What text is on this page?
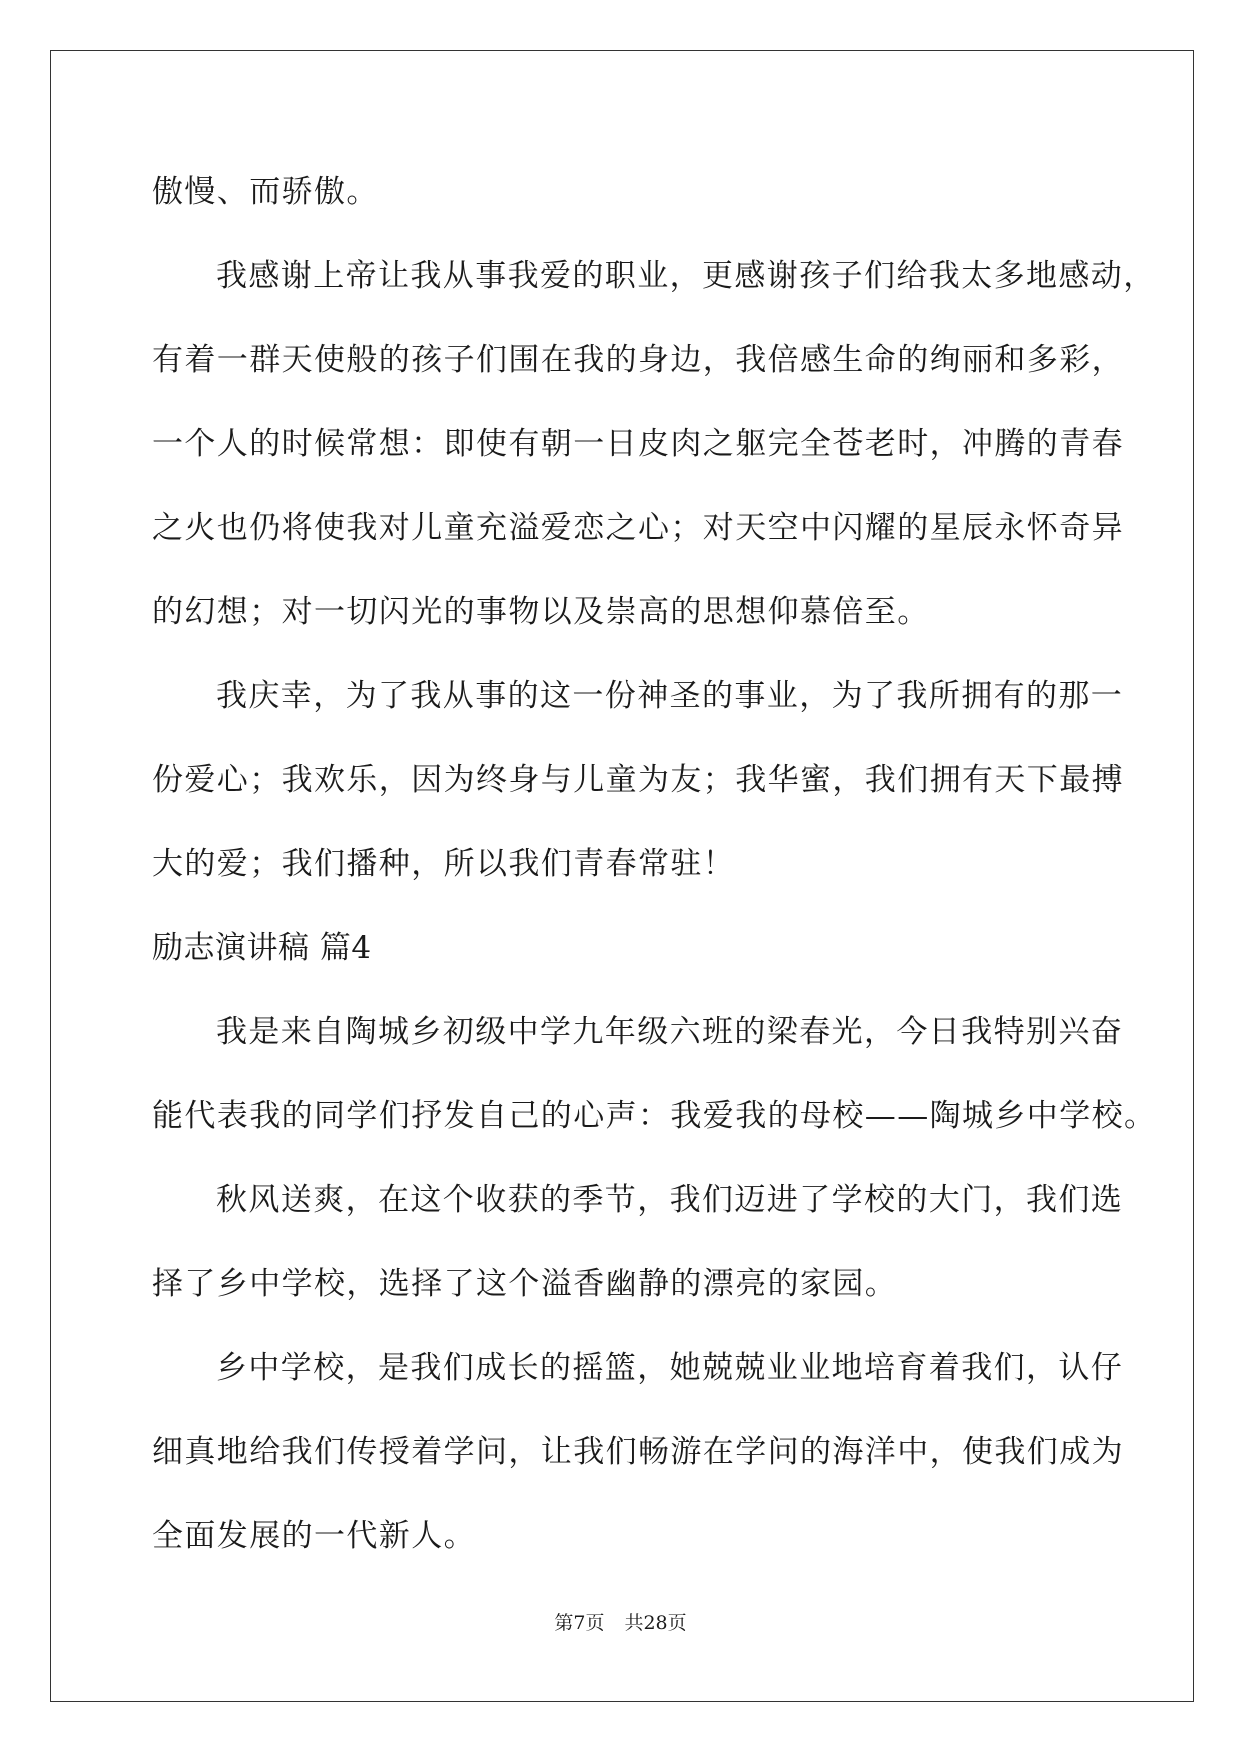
傲慢、而骄傲。
我感谢上帝让我从事我爱的职业，更感谢孩子们给我太多地感动，
有着一群天使般的孩子们围在我的身边，我倍感生命的绚丽和多彩，
一个人的时候常想：即使有朝一日皮肉之躯完全苍老时，冲腾的青春
之火也仍将使我对儿童充溢爱恋之心；对天空中闪耀的星辰永怀奇异
的幻想；对一切闪光的事物以及崇高的思想仰慕倍至。
我庆幸，为了我从事的这一份神圣的事业，为了我所拥有的那一
份爱心；我欢乐，因为终身与儿童为友；我华蜜，我们拥有天下最搏
大的爱；我们播种，所以我们青春常驻！
励志演讲稿 篇4
我是来自陶城乡初级中学九年级六班的梁春光，今日我特别兴奋
能代表我的同学们抒发自己的心声：我爱我的母校——陶城乡中学校。
秋风送爽，在这个收获的季节，我们迈进了学校的大门，我们选
择了乡中学校，选择了这个溢香幽静的漂亮的家园。
乡中学校，是我们成长的摇篮，她兢兢业业地培育着我们，认仔
细真地给我们传授着学问，让我们畅游在学问的海洋中，使我们成为
全面发展的一代新人。
第7页 共28页
